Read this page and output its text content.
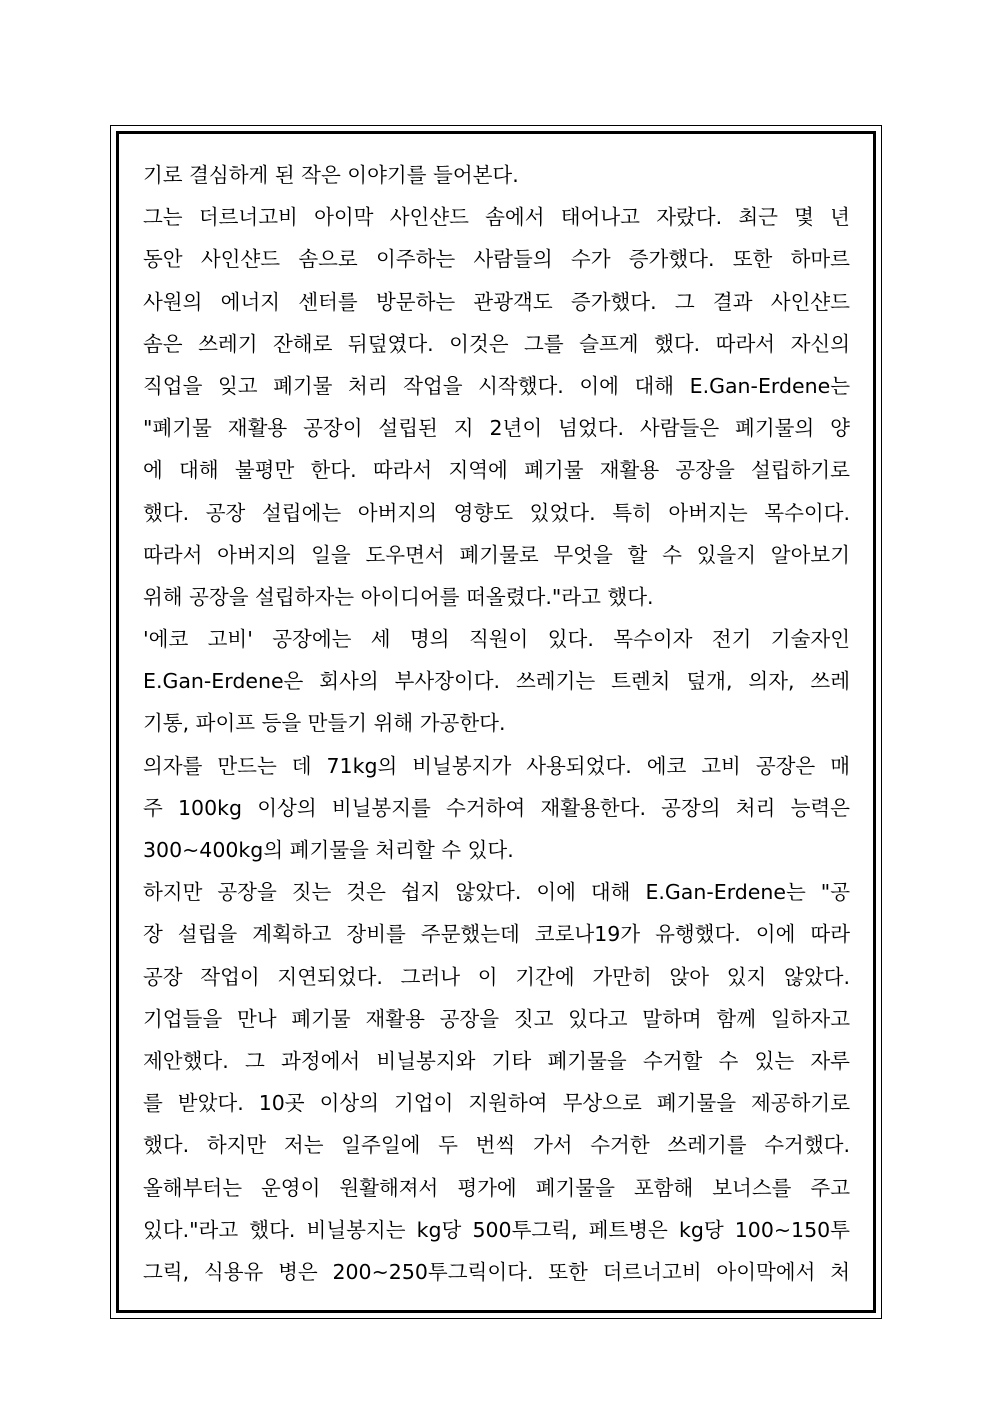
기로 결심하게 된 작은 이야기를 들어본다.
그는 더르너고비 아이막 사인샨드 솜에서 태어나고 자랐다. 최근 몇 년
동안 사인샨드 솜으로 이주하는 사람들의 수가 증가했다. 또한 하마르
사원의 에너지 센터를 방문하는 관광객도 증가했다. 그 결과 사인샨드
솜은 쓰레기 잔해로 뒤덮였다. 이것은 그를 슬프게 했다. 따라서 자신의
직업을 잊고 폐기물 처리 작업을 시작했다. 이에 대해 E.Gan-Erdene는
"폐기물 재활용 공장이 설립된 지 2년이 넘었다. 사람들은 폐기물의 양
에 대해 불평만 한다. 따라서 지역에 폐기물 재활용 공장을 설립하기로
했다. 공장 설립에는 아버지의 영향도 있었다. 특히 아버지는 목수이다.
따라서 아버지의 일을 도우면서 폐기물로 무엇을 할 수 있을지 알아보기
위해 공장을 설립하자는 아이디어를 떠올렸다."라고 했다.
'에코 고비' 공장에는 세 명의 직원이 있다. 목수이자 전기 기술자인
E.Gan-Erdene은 회사의 부사장이다. 쓰레기는 트렌치 덮개, 의자, 쓰레
기통, 파이프 등을 만들기 위해 가공한다.
의자를 만드는 데 71kg의 비닐봉지가 사용되었다. 에코 고비 공장은 매
주 100kg 이상의 비닐봉지를 수거하여 재활용한다. 공장의 처리 능력은
300~400kg의 폐기물을 처리할 수 있다.
하지만 공장을 짓는 것은 쉽지 않았다. 이에 대해 E.Gan-Erdene는 "공
장 설립을 계획하고 장비를 주문했는데 코로나19가 유행했다. 이에 따라
공장 작업이 지연되었다. 그러나 이 기간에 가만히 앉아 있지 않았다.
기업들을 만나 폐기물 재활용 공장을 짓고 있다고 말하며 함께 일하자고
제안했다. 그 과정에서 비닐봉지와 기타 폐기물을 수거할 수 있는 자루
를 받았다. 10곳 이상의 기업이 지원하여 무상으로 폐기물을 제공하기로
했다. 하지만 저는 일주일에 두 번씩 가서 수거한 쓰레기를 수거했다.
올해부터는 운영이 원활해져서 평가에 폐기물을 포함해 보너스를 주고
있다."라고 했다. 비닐봉지는 kg당 500투그릭, 페트병은 kg당 100~150투
그릭, 식용유 병은 200~250투그릭이다. 또한 더르너고비 아이막에서 처
